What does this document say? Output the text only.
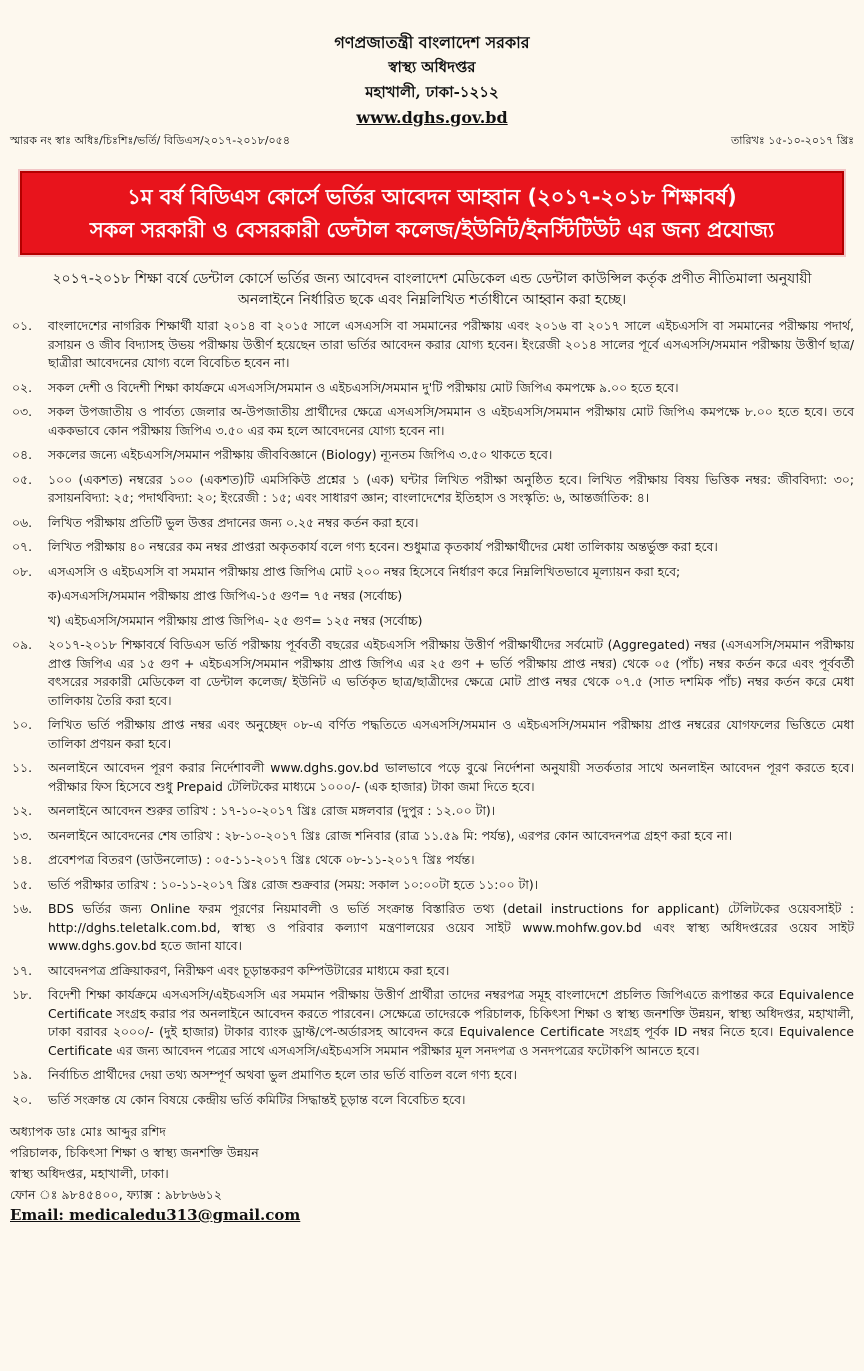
গণপ্রজাতন্ত্রী বাংলাদেশ সরকার
স্বাস্থ্য অধিদপ্তর
মহাখালী, ঢাকা-১২১২
www.dghs.gov.bd
স্মারক নং স্বাঃ অধিঃ/চিঃশিঃ/ভর্তি/ বিডিএস/২০১৭-২০১৮/০৫৪	তারিখঃ ১৫-১০-২০১৭ খ্রিঃ
১ম বর্ষ বিডিএস কোর্সে ভর্তির আবেদন আহ্বান (২০১৭-২০১৮ শিক্ষাবর্ষ)
সকল সরকারী ও বেসরকারী ডেন্টাল কলেজ/ইউনিট/ইনস্টিটিউট এর জন্য প্রযোজ্য
২০১৭-২০১৮ শিক্ষা বর্ষে ডেন্টাল কোর্সে ভর্তির জন্য আবেদন বাংলাদেশ মেডিকেল এন্ড ডেন্টাল কাউন্সিল কর্তৃক প্রণীত নীতিমালা অনুযায়ী অনলাইনে নির্ধারিত ছকে এবং নিম্নলিখিত শর্তাধীনে আহ্বান করা হচ্ছে।
০১.	বাংলাদেশের নাগরিক শিক্ষার্থী যারা ২০১৪ বা ২০১৫ সালে এসএসসি বা সমমানের পরীক্ষায় এবং ২০১৬ বা ২০১৭ সালে এইচএসসি বা সমমানের পরীক্ষায় পদার্থ, রসায়ন ও জীব বিদ্যাসহ উভয় পরীক্ষায় উত্তীর্ণ হয়েছেন তারা ভর্তির আবেদন করার যোগ্য হবেন। ইংরেজী ২০১৪ সালের পূর্বে এসএসসি/সমমান পরীক্ষায় উত্তীর্ণ ছাত্র/ছাত্রীরা আবেদনের যোগ্য বলে বিবেচিত হবেন না।
০২.	সকল দেশী ও বিদেশী শিক্ষা কার্যক্রমে এসএসসি/সমমান ও এইচএসসি/সমমান দু'টি পরীক্ষায় মোট জিপিএ কমপক্ষে ৯.০০ হতে হবে।
০৩.	সকল উপজাতীয় ও পার্বত্য জেলার অ-উপজাতীয় প্রার্থীদের ক্ষেত্রে এসএসসি/সমমান ও এইচএসসি/সমমান পরীক্ষায় মোট জিপিএ কমপক্ষে ৮.০০ হতে হবে। তবে এককভাবে কোন পরীক্ষায় জিপিএ ৩.৫০ এর কম হলে আবেদনের যোগ্য হবেন না।
০৪.	সকলের জন্যে এইচএসসি/সমমান পরীক্ষায় জীববিজ্ঞানে (Biology) ন্যূনতম জিপিএ ৩.৫০ থাকতে হবে।
০৫.	১০০ (একশত) নম্বরের ১০০ (একশত)টি এমসিকিউ প্রশ্নের ১ (এক) ঘন্টার লিখিত পরীক্ষা অনুষ্ঠিত হবে। লিখিত পরীক্ষায় বিষয় ভিত্তিক নম্বর: জীববিদ্যা: ৩০; রসায়নবিদ্যা: ২৫; পদার্থবিদ্যা: ২০; ইংরেজী : ১৫; এবং সাধারণ জ্ঞান; বাংলাদেশের ইতিহাস ও সংস্কৃতি: ৬, আন্তর্জাতিক: ৪।
০৬.	লিখিত পরীক্ষায় প্রতিটি ভুল উত্তর প্রদানের জন্য ০.২৫ নম্বর কর্তন করা হবে।
০৭.	লিখিত পরীক্ষায় ৪০ নম্বরের কম নম্বর প্রাপ্তরা অকৃতকার্য বলে গণ্য হবেন। শুধুমাত্র কৃতকার্য পরীক্ষার্থীদের মেধা তালিকায় অন্তর্ভুক্ত করা হবে।
০৮.	এসএসসি ও এইচএসসি বা সমমান পরীক্ষায় প্রাপ্ত জিপিএ মোট ২০০ নম্বর হিসেবে নির্ধারণ করে নিম্নলিখিতভাবে মূল্যায়ন করা হবে;
ক)এসএসসি/সমমান পরীক্ষায় প্রাপ্ত জিপিএ-১৫ গুণ= ৭৫ নম্বর (সর্বোচ্চ)
খ) এইচএসসি/সমমান পরীক্ষায় প্রাপ্ত জিপিএ- ২৫ গুণ= ১২৫ নম্বর (সর্বোচ্চ)
০৯.	২০১৭-২০১৮ শিক্ষাবর্ষে বিডিএস ভর্তি পরীক্ষায় পূর্ববর্তী বছরের এইচএসসি পরীক্ষায় উত্তীর্ণ পরীক্ষার্থীদের সর্বমোট (Aggregated) নম্বর (এসএসসি/সমমান পরীক্ষায় প্রাপ্ত জিপিএ এর ১৫ গুণ + এইচএসসি/সমমান পরীক্ষায় প্রাপ্ত জিপিএ এর ২৫ গুণ + ভর্তি পরীক্ষায় প্রাপ্ত নম্বর) থেকে ০৫ (পাঁচ) নম্বর কর্তন করে এবং পূর্ববর্তী বৎসরের সরকারী মেডিকেল বা ডেন্টাল কলেজ/ ইউনিট এ ভর্তিকৃত ছাত্র/ছাত্রীদের ক্ষেত্রে মোট প্রাপ্ত নম্বর থেকে ০৭.৫ (সাত দশমিক পাঁচ) নম্বর কর্তন করে মেধা তালিকায় তৈরি করা হবে।
১০.	লিখিত ভর্তি পরীক্ষায় প্রাপ্ত নম্বর এবং অনুচ্ছেদ ০৮-এ বর্ণিত পদ্ধতিতে এসএসসি/সমমান ও এইচএসসি/সমমান পরীক্ষায় প্রাপ্ত নম্বরের যোগফলের ভিত্তিতে মেধা তালিকা প্রণয়ন করা হবে।
১১.	অনলাইনে আবেদন পূরণ করার নির্দেশাবলী www.dghs.gov.bd ভালভাবে পড়ে বুঝে নির্দেশনা অনুযায়ী সতর্কতার সাথে অনলাইন আবেদন পূরণ করতে হবে। পরীক্ষার ফিস হিসেবে শুধু Prepaid টেলিটকের মাধ্যমে ১০০০/- (এক হাজার) টাকা জমা দিতে হবে।
১২.	অনলাইনে আবেদন শুরুর তারিখ : ১৭-১০-২০১৭ খ্রিঃ রোজ মঙ্গলবার (দুপুর : ১২.০০ টা)।
১৩.	অনলাইনে আবেদনের শেষ তারিখ : ২৮-১০-২০১৭ খ্রিঃ রোজ শনিবার (রাত্র ১১.৫৯ মি: পর্যন্ত), এরপর কোন আবেদনপত্র গ্রহণ করা হবে না।
১৪.	প্রবেশপত্র বিতরণ (ডাউনলোড) : ০৫-১১-২০১৭ খ্রিঃ থেকে ০৮-১১-২০১৭ খ্রিঃ পর্যন্ত।
১৫.	ভর্তি পরীক্ষার তারিখ : ১০-১১-২০১৭ খ্রিঃ রোজ শুক্রবার (সময়: সকাল ১০:০০টা হতে ১১:০০ টা)।
১৬.	BDS ভর্তির জন্য Online ফরম পূরণের নিয়মাবলী ও ভর্তি সংক্রান্ত বিস্তারিত তথ্য (detail instructions for applicant) টেলিটকের ওয়েবসাইট : http://dghs.teletalk.com.bd, স্বাস্থ্য ও পরিবার কল্যাণ মন্ত্রণালয়ের ওয়েব সাইট www.mohfw.gov.bd এবং স্বাস্থ্য অধিদপ্তরের ওয়েব সাইট www.dghs.gov.bd হতে জানা যাবে।
১৭.	আবেদনপত্র প্রক্রিয়াকরণ, নিরীক্ষণ এবং চূড়ান্তকরণ কম্পিউটারের মাধ্যমে করা হবে।
১৮.	বিদেশী শিক্ষা কার্যক্রমে এসএসসি/এইচএসসি এর সমমান পরীক্ষায় উত্তীর্ণ প্রার্থীরা তাদের নম্বরপত্র সমূহ বাংলাদেশে প্রচলিত জিপিএতে রূপান্তর করে Equivalence Certificate সংগ্রহ করার পর অনলাইনে আবেদন করতে পারবেন। সেক্ষেত্রে তাদেরকে পরিচালক, চিকিৎসা শিক্ষা ও স্বাস্থ্য জনশক্তি উন্নয়ন, স্বাস্থ্য অধিদপ্তর, মহাখালী, ঢাকা বরাবর ২০০০/- (দুই হাজার) টাকার ব্যাংক ড্রাফ্ট/পে-অর্ডারসহ আবেদন করে Equivalence Certificate সংগ্রহ পূর্বক ID নম্বর নিতে হবে। Equivalence Certificate এর জন্য আবেদন পত্রের সাথে এসএসসি/এইচএসসি সমমান পরীক্ষার মূল সনদপত্র ও সনদপত্রের ফটোকপি আনতে হবে।
১৯.	নির্বাচিত প্রার্থীদের দেয়া তথ্য অসম্পূর্ণ অথবা ভুল প্রমাণিত হলে তার ভর্তি বাতিল বলে গণ্য হবে।
২০.	ভর্তি সংক্রান্ত যে কোন বিষয়ে কেন্দ্রীয় ভর্তি কমিটির সিদ্ধান্তই চূড়ান্ত বলে বিবেচিত হবে।
অধ্যাপক ডাঃ মোঃ আব্দুর রশিদ
পরিচালক, চিকিৎসা শিক্ষা ও স্বাস্থ্য জনশক্তি উন্নয়ন
স্বাস্থ্য অধিদপ্তর, মহাখালী, ঢাকা।
ফোন ঃ ৯৮৪৫৪০০, ফ্যাক্স : ৯৮৮৬৬১২
Email: medicaledu313@gmail.com
